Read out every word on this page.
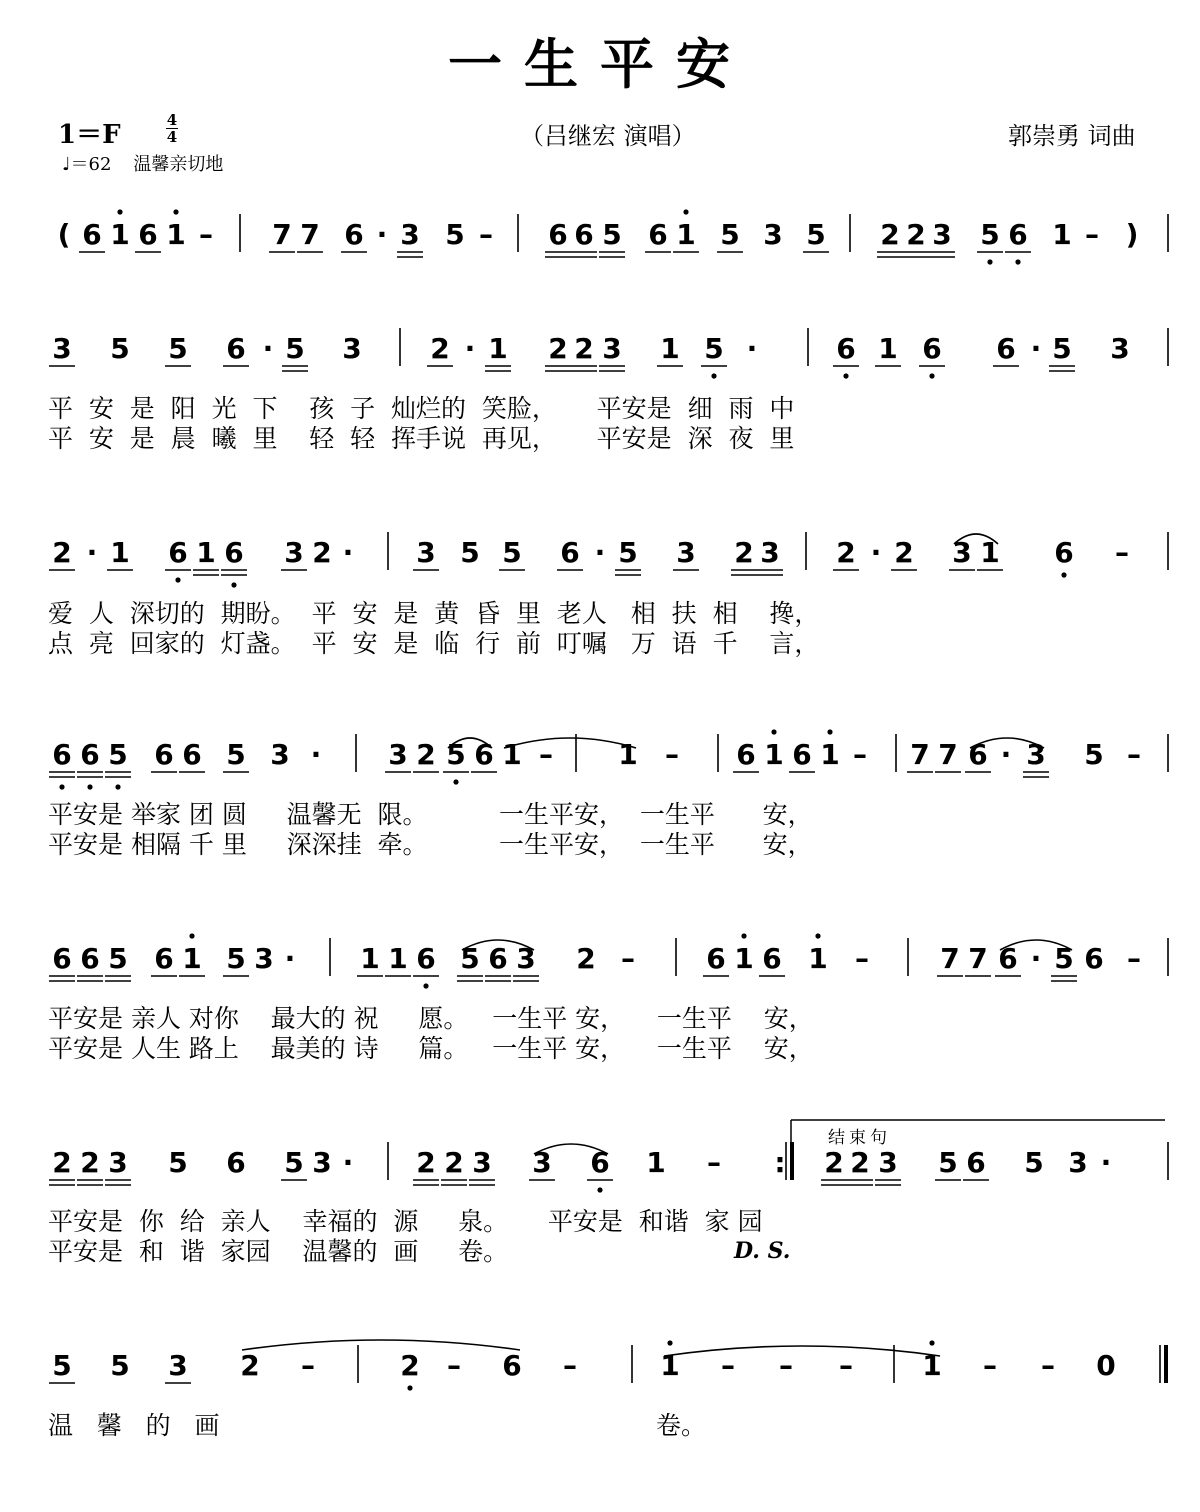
一生平安
1＝F	4
4
♩＝62 温馨亲切地
（吕继宏 演唱）	郭崇勇 词曲
( 6 1 6 1 – 7 7 6 · 3 5 – 6 6 5 6 1 5 3 5 2 2 3 5 6 1 – )
3 5 5 6 · 5 3 2 · 1 2 2 3 1 5 ·	6 1 6 6 · 5 3
2 · 1 6 1 6 3 2 · 3 5 5 6 · 5 3 2 3 2 · 2 3 1 6 –
6 6 5 6 6 5 3 · 3 2 5 6 1 – 1 – 6 1 6 1 – 7 7 6 · 3 5 –
6 6 5 6 1 5 3 · 1 1 6 5 6 3 2 –	6 1 6 1 –	7 7 6 · 5 6 –
2 2 3 5 6 5 3 · 2 2 3 3 6 1 – : 2 2 3 5 6 5 3 ·
5 5 3 2 –	2 – 6 –	1 – – – 1 – – 0
结束句
平  安  是  阳  光  下    孩  子  灿烂的  笑脸，     平安是  细  雨  中
平  安  是  晨  曦  里    轻  轻  挥手说  再见，     平安是  深  夜  里
爱  人  深切的  期盼。  平  安  是  黄  昏  里  老人   相  扶  相    搀，
点  亮  回家的  灯盏。  平  安  是  临  行  前  叮嘱   万  语  千    言，
平安是 举家 团 圆     温馨无  限。         一生平安，  一生平      安，
平安是 相隔 千 里     深深挂  牵。         一生平安，  一生平      安，
平安是 亲人 对你    最大的 祝     愿。   一生平 安，    一生平    安，
平安是 人生 路上    最美的 诗     篇。   一生平 安，    一生平    安，
平安是  你  给  亲人    幸福的  源     泉。     平安是  和谐  家 园
平安是  和  谐  家园    温馨的  画     卷。	D. S.
温   馨   的   画	卷。
